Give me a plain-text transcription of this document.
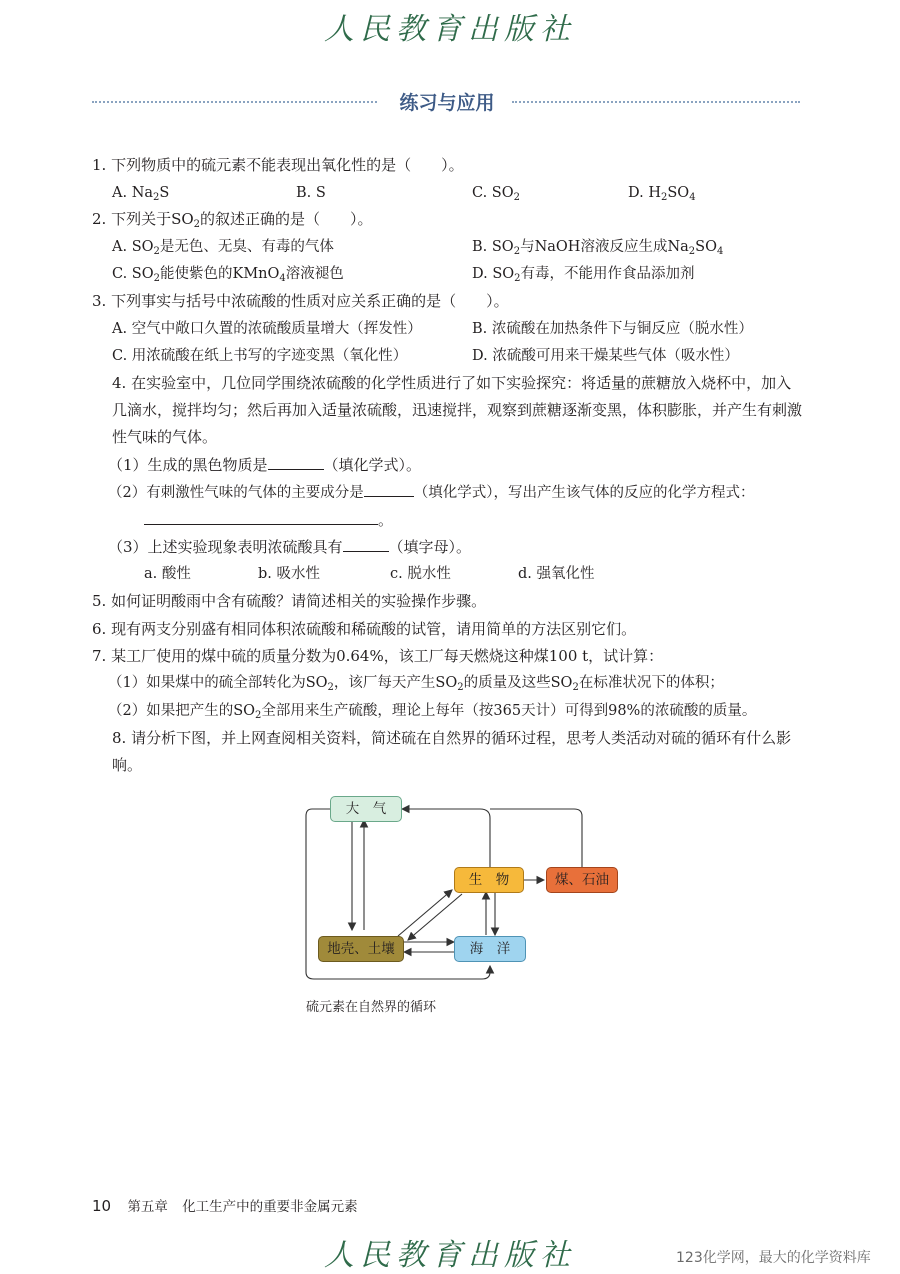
人民教育出版社
练习与应用
1. 下列物质中的硫元素不能表现出氧化性的是（　　）。
A. $Na_2S$	B. S	C. $SO_2$	D. $H_2SO_4$
2. 下列关于$SO_2$的叙述正确的是（　　）。
A. $SO_2$是无色、无臭、有毒的气体	B. $SO_2$与NaOH溶液反应生成$Na_2SO_4$
C. $SO_2$能使紫色的KMnO$_4$溶液褪色	D. $SO_2$有毒，不能用作食品添加剂
3. 下列事实与括号中浓硫酸的性质对应关系正确的是（　　）。
A. 空气中敞口久置的浓硫酸质量增大（挥发性）	B. 浓硫酸在加热条件下与铜反应（脱水性）
C. 用浓硫酸在纸上书写的字迹变黑（氧化性）	D. 浓硫酸可用来干燥某些气体（吸水性）
4. 在实验室中，几位同学围绕浓硫酸的化学性质进行了如下实验探究：将适量的蔗糖放入烧杯中，加入几滴水，搅拌均匀；然后再加入适量浓硫酸，迅速搅拌，观察到蔗糖逐渐变黑，体积膨胀，并产生有刺激性气味的气体。
（1）生成的黑色物质是	（填化学式）。
（2）有刺激性气味的气体的主要成分是	（填化学式），写出产生该气体的反应的化学方程式：
。
（3）上述实验现象表明浓硫酸具有	（填字母）。
a. 酸性	b. 吸水性	c. 脱水性	d. 强氧化性
5. 如何证明酸雨中含有硫酸？请简述相关的实验操作步骤。
6. 现有两支分别盛有相同体积浓硫酸和稀硫酸的试管，请用简单的方法区别它们。
7. 某工厂使用的煤中硫的质量分数为0.64%，该工厂每天燃烧这种煤100 t，试计算：
（1）如果煤中的硫全部转化为$SO_2$，该厂每天产生$SO_2$的质量及这些$SO_2$在标准状况下的体积；
（2）如果把产生的$SO_2$全部用来生产硫酸，理论上每年（按365天计）可得到98%的浓硫酸的质量。
8. 请分析下图，并上网查阅相关资料，简述硫在自然界的循环过程，思考人类活动对硫的循环有什么影响。
大　气
生　物	煤、石油
地壳、土壤	海　洋
硫元素在自然界的循环
10 第五章 化工生产中的重要非金属元素
人民教育出版社	123化学网，最大的化学资料库
